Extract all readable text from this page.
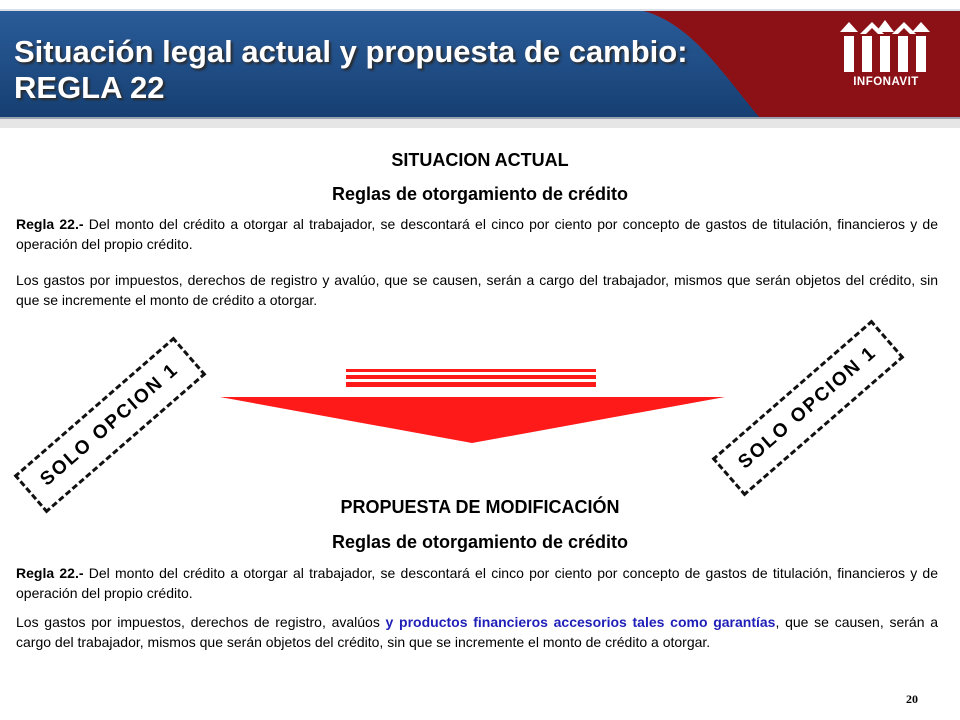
Situación legal actual y propuesta de cambio: REGLA 22	INFONAVIT
SITUACION ACTUAL
Reglas de otorgamiento de crédito

Regla 22.- Del monto del crédito a otorgar al trabajador, se descontará el cinco por ciento por concepto de gastos de titulación, financieros y de operación del propio crédito.

Los gastos por impuestos, derechos de registro y avalúo, que se causen, serán a cargo del trabajador, mismos que serán objetos del crédito, sin que se incremente el monto de crédito a otorgar.

SOLO OPCION 1	SOLO OPCION 1
PROPUESTA DE MODIFICACIÓN
Reglas de otorgamiento de crédito

Regla 22.- Del monto del crédito a otorgar al trabajador, se descontará el cinco por ciento por concepto de gastos de titulación, financieros y de operación del propio crédito.

Los gastos por impuestos, derechos de registro, avalúos y productos financieros accesorios tales como garantías, que se causen, serán a cargo del trabajador, mismos que serán objetos del crédito, sin que se incremente el monto de crédito a otorgar.

20
